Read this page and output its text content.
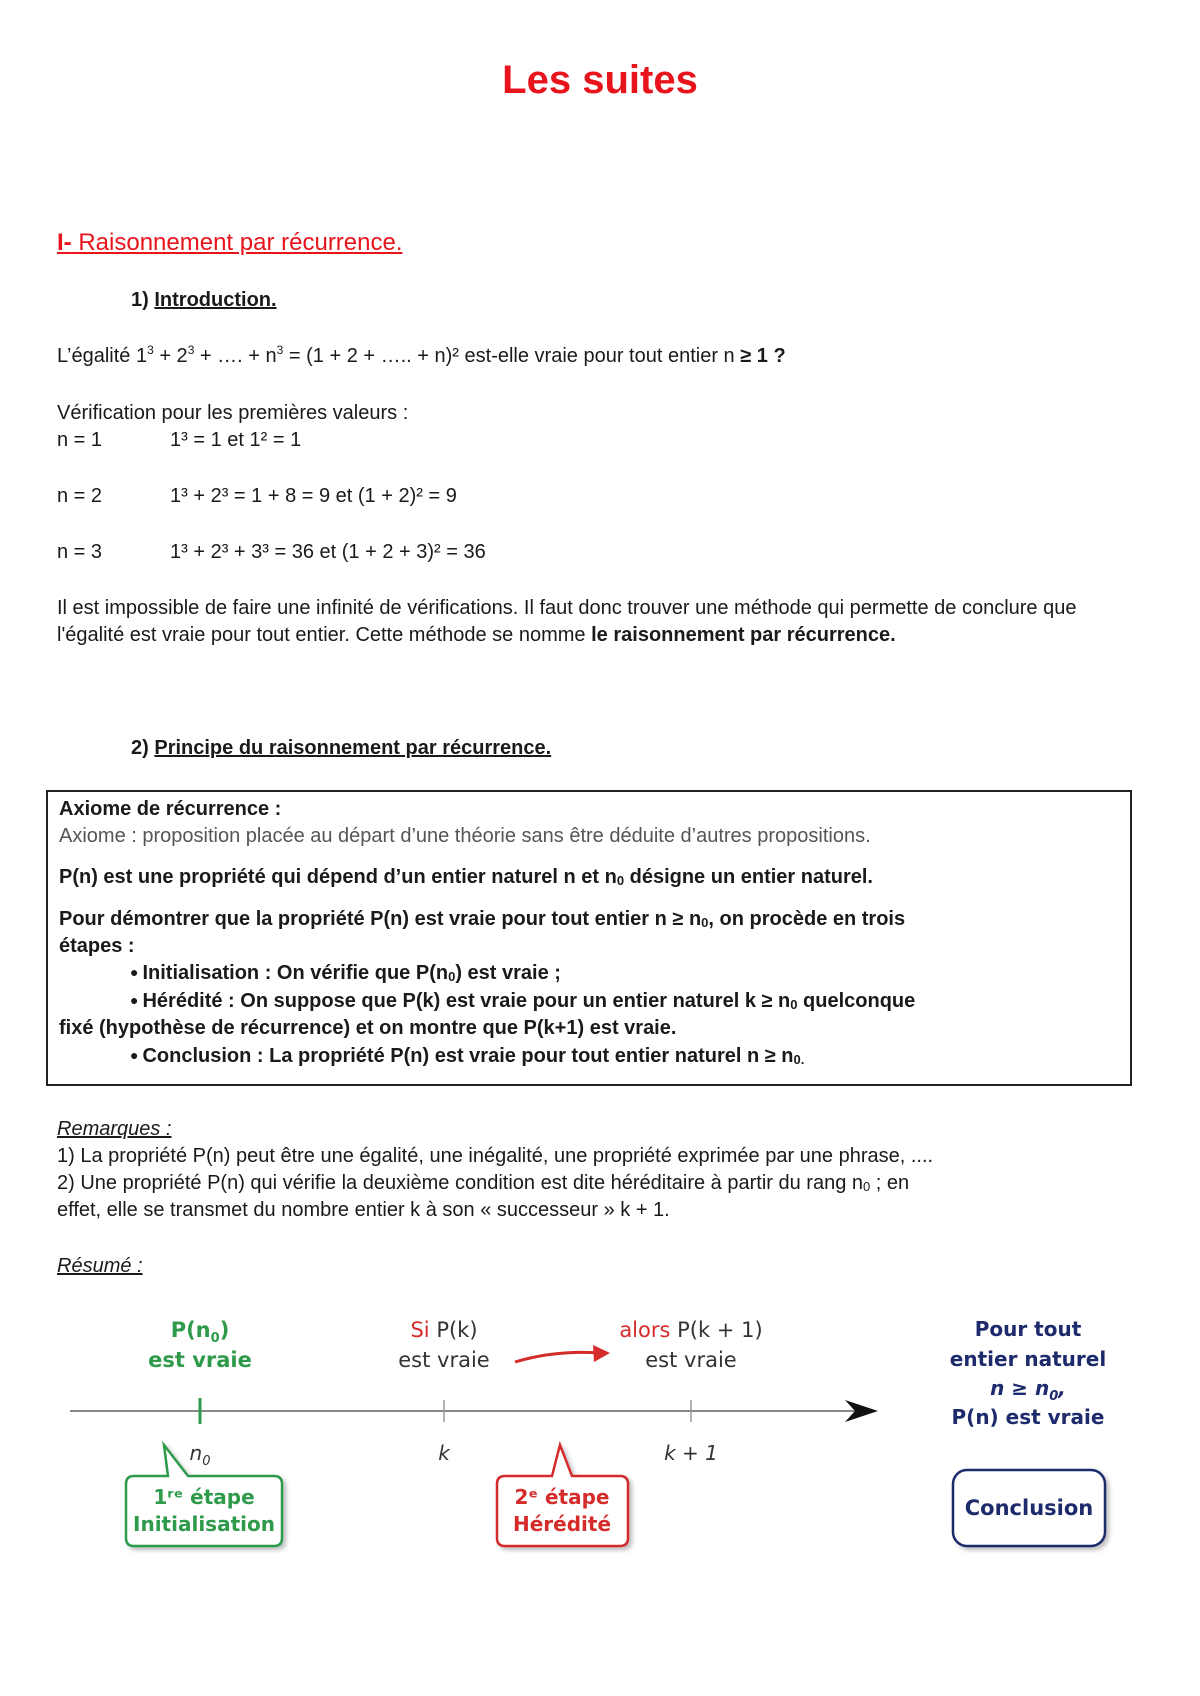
Les suites
I- Raisonnement par récurrence.
1) Introduction.
L’égalité $1^3 + 2^3$ + …. + $n^3 = (1 + 2$ + ….. + n)² est-elle vraie pour tout entier n ≥ 1 ?
Vérification pour les premières valeurs :
n = 1	1³ = 1 et 1² = 1
n = 2	1³ + 2³ = 1 + 8 = 9 et (1 + 2)² = 9
n = 3	1³ + 2³ + 3³ = 36 et (1 + 2 + 3)² = 36
Il est impossible de faire une infinité de vérifications. Il faut donc trouver une méthode qui permette de conclure que l'égalité est vraie pour tout entier. Cette méthode se nomme le raisonnement par récurrence.
2) Principe du raisonnement par récurrence.
Axiome de récurrence :
Axiome : proposition placée au départ d’une théorie sans être déduite d’autres propositions.
P(n) est une propriété qui dépend d’un entier naturel n et $n_0$ désigne un entier naturel.
Pour démontrer que la propriété P(n) est vraie pour tout entier $n \ge n_0$, on procède en trois
étapes :
● Initialisation : On vérifie que $P(n_0)$ est vraie ;
● Hérédité : On suppose que P(k) est vraie pour un entier naturel $k \ge n_0$ quelconque
fixé (hypothèse de récurrence) et on montre que P(k+1) est vraie.
● Conclusion : La propriété P(n) est vraie pour tout entier naturel $n \ge n_{0.}$
Remarques :
1) La propriété P(n) peut être une égalité, une inégalité, une propriété exprimée par une phrase, ....
2) Une propriété P(n) qui vérifie la deuxième condition est dite héréditaire à partir du rang $n_0$ ; en
effet, elle se transmet du nombre entier k à son « successeur » k + 1.
Résumé :
$P(n_0)$
est vraie
Si P(k)
est vraie
alors P(k + 1)
est vraie
$n_0$	k	k + 1
Pour tout
entier naturel
$n \ge n_0$,
P(n) est vraie
1ʳᵉ étape
Initialisation
2ᵉ étape
Hérédité
Conclusion
